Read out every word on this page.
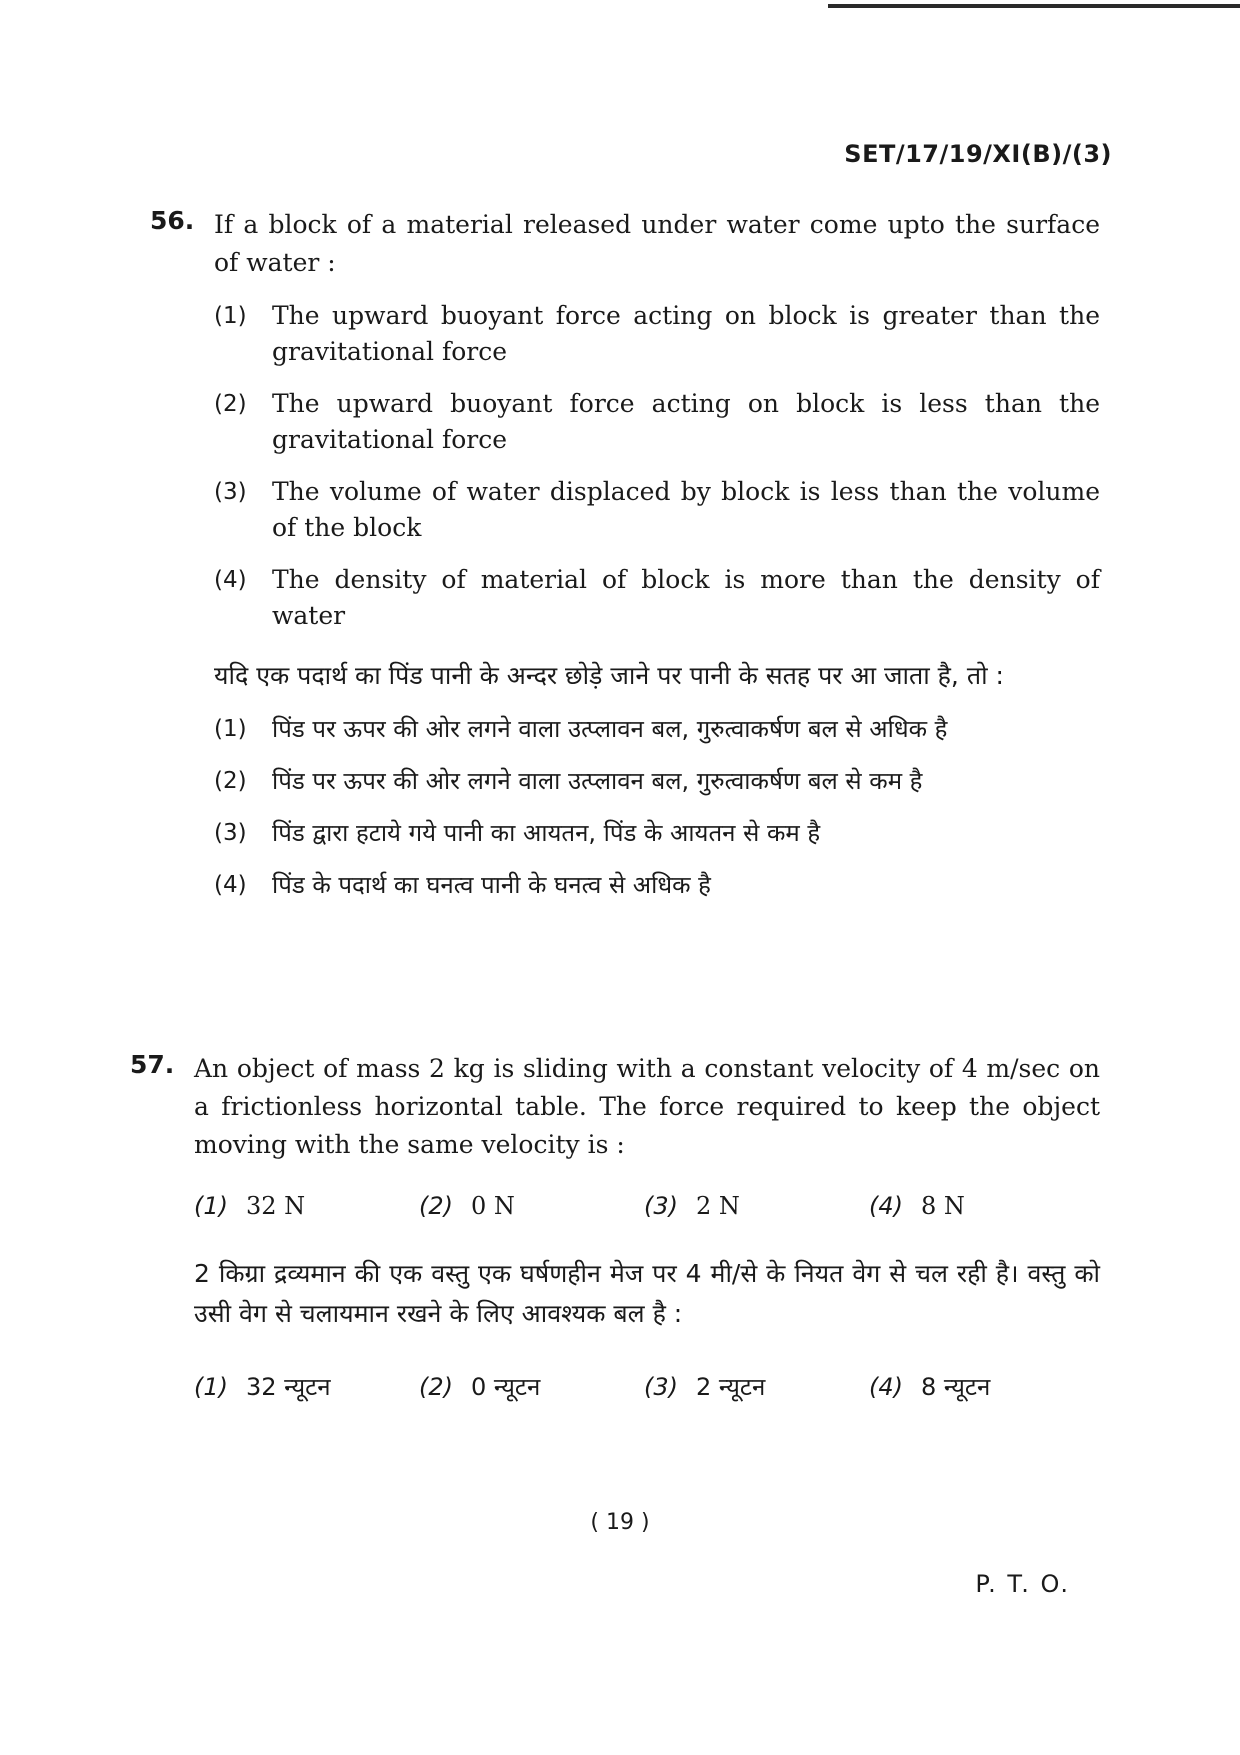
SET/17/19/XI(B)/(3)
56. If a block of a material released under water come upto the surface of water :
(1) The upward buoyant force acting on block is greater than the gravitational force
(2) The upward buoyant force acting on block is less than the gravitational force
(3) The volume of water displaced by block is less than the volume of the block
(4) The density of material of block is more than the density of water
यदि एक पदार्थ का पिंड पानी के अन्दर छोड़े जाने पर पानी के सतह पर आ जाता है, तो :
(1) पिंड पर ऊपर की ओर लगने वाला उत्प्लावन बल, गुरुत्वाकर्षण बल से अधिक है
(2) पिंड पर ऊपर की ओर लगने वाला उत्प्लावन बल, गुरुत्वाकर्षण बल से कम है
(3) पिंड द्वारा हटाये गये पानी का आयतन, पिंड के आयतन से कम है
(4) पिंड के पदार्थ का घनत्व पानी के घनत्व से अधिक है
57. An object of mass 2 kg is sliding with a constant velocity of 4 m/sec on a frictionless horizontal table. The force required to keep the object moving with the same velocity is :
(1) 32 N	(2) 0 N	(3) 2 N	(4) 8 N
2 किग्रा द्रव्यमान की एक वस्तु एक घर्षणहीन मेज पर 4 मी/से के नियत वेग से चल रही है। वस्तु को उसी वेग से चलायमान रखने के लिए आवश्यक बल है :
(1) 32 न्यूटन	(2) 0 न्यूटन	(3) 2 न्यूटन	(4) 8 न्यूटन
( 19 )
P. T. O.
